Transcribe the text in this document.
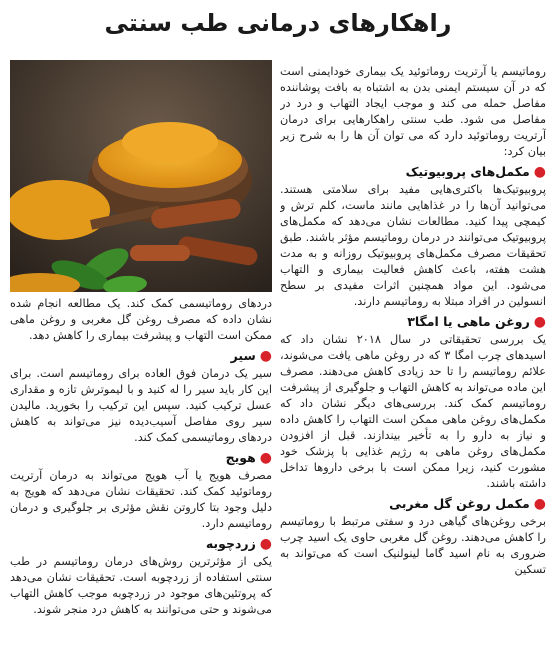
راهکارهای درمانی طب سنتی

روماتیسم یا آرتریت روماتوئید یک بیماری خودایمنی است که در آن سیستم ایمنی بدن به اشتباه به بافت پوشاننده مفاصل حمله می کند و موجب ایجاد التهاب و درد در مفاصل می شود. طب سنتی راهکارهایی برای درمان آرتریت روماتوئید دارد که می توان آن ها را به شرح زیر بیان کرد:

●مکمل‌های پروبیوتیک

پروبیوتیک‌ها باکتری‌هایی مفید برای سلامتی هستند. می‌توانید آن‌ها را در غذاهایی مانند ماست، کلم ترش و کیمچی پیدا کنید. مطالعات نشان می‌دهد که مکمل‌های پروبیوتیک می‌توانند در درمان روماتیسم مؤثر باشند. طبق تحقیقات مصرف مکمل‌های پروبیوتیک روزانه و به مدت هشت هفته، باعث کاهش فعالیت بیماری و التهاب می‌شود. این مواد همچنین اثرات مفیدی بر سطح انسولین در افراد مبتلا به روماتیسم دارند.

●روغن ماهی یا امگا۳

یک بررسی تحقیقاتی در سال ۲۰۱۸ نشان داد که اسیدهای چرب امگا ۳ که در روغن ماهی یافت می‌شوند، علائم روماتیسم را تا حد زیادی کاهش می‌دهند. مصرف این ماده می‌تواند به کاهش التهاب و جلوگیری از پیشرفت روماتیسم کمک کند. بررسی‌های دیگر نشان داد که مکمل‌های روغن ماهی ممکن است التهاب را کاهش داده و نیاز به دارو را به تأخیر بیندازند. قبل از افزودن مکمل‌های روغن ماهی به رژیم غذایی با پزشک خود مشورت کنید، زیرا ممکن است با برخی داروها تداخل داشته باشند.

●مکمل روغن گل مغربی

برخی روغن‌های گیاهی درد و سفتی مرتبط با روماتیسم را کاهش می‌دهند. روغن گل مغربی حاوی یک اسید چرب ضروری به نام اسید گاما لینولنیک است که می‌تواند به تسکین

دردهای روماتیسمی کمک کند. یک مطالعه انجام شده نشان داده که مصرف روغن گل مغربی و روغن ماهی ممکن است التهاب و پیشرفت بیماری را کاهش دهد.

●سیر

سیر یک درمان فوق العاده برای روماتیسم است. برای این کار باید سیر را له کنید و با لیموترش تازه و مقداری عسل ترکیب کنید. سپس این ترکیب را بخورید. مالیدن سیر روی مفاصل آسیب‌دیده نیز می‌تواند به کاهش دردهای روماتیسمی کمک کند.

●هویج

مصرف هویج یا آب هویج می‌تواند به درمان آرتریت روماتوئید کمک کند. تحقیقات نشان می‌دهد که هویج به دلیل وجود بتا کاروتن نقش مؤثری بر جلوگیری و درمان روماتیسم دارد.

●زردچوبه

یکی از مؤثرترین روش‌های درمان روماتیسم در طب سنتی استفاده از زردچوبه است. تحقیقات نشان می‌دهد که پروتئین‌های موجود در زردچوبه موجب کاهش التهاب می‌شوند و حتی می‌توانند به کاهش درد منجر شوند.
